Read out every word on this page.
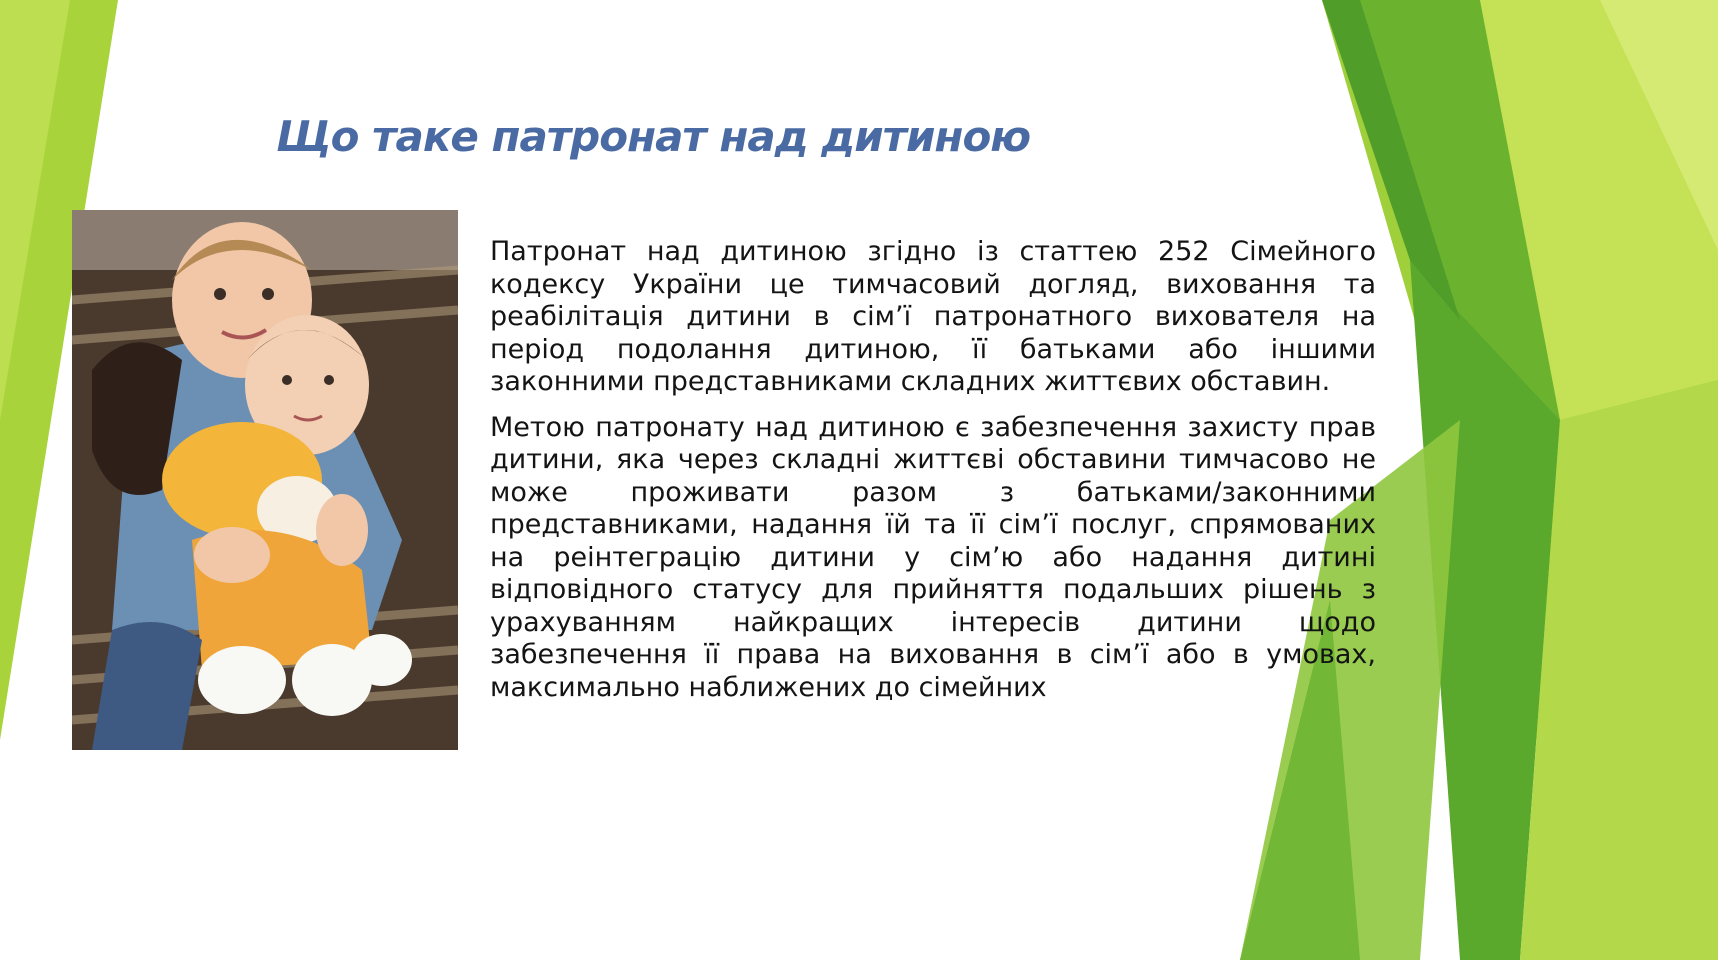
Що таке патронат над дитиною

Патронат над дитиною згідно із статтею 252 Сімейного кодексу України це тимчасовий догляд, виховання та реабілітація дитини в сім’ї патронатного вихователя на період подолання дитиною, її батьками або іншими законними представниками складних життєвих обставин.

Метою патронату над дитиною є забезпечення захисту прав дитини, яка через складні життєві обставини тимчасово не може проживати разом з батьками/законними представниками, надання їй та її сім’ї послуг, спрямованих на реінтеграцію дитини у сім’ю або надання дитині відповідного статусу для прийняття подальших рішень з урахуванням найкращих інтересів дитини щодо забезпечення її права на виховання в сім’ї або в умовах, максимально наближених до сімейних
